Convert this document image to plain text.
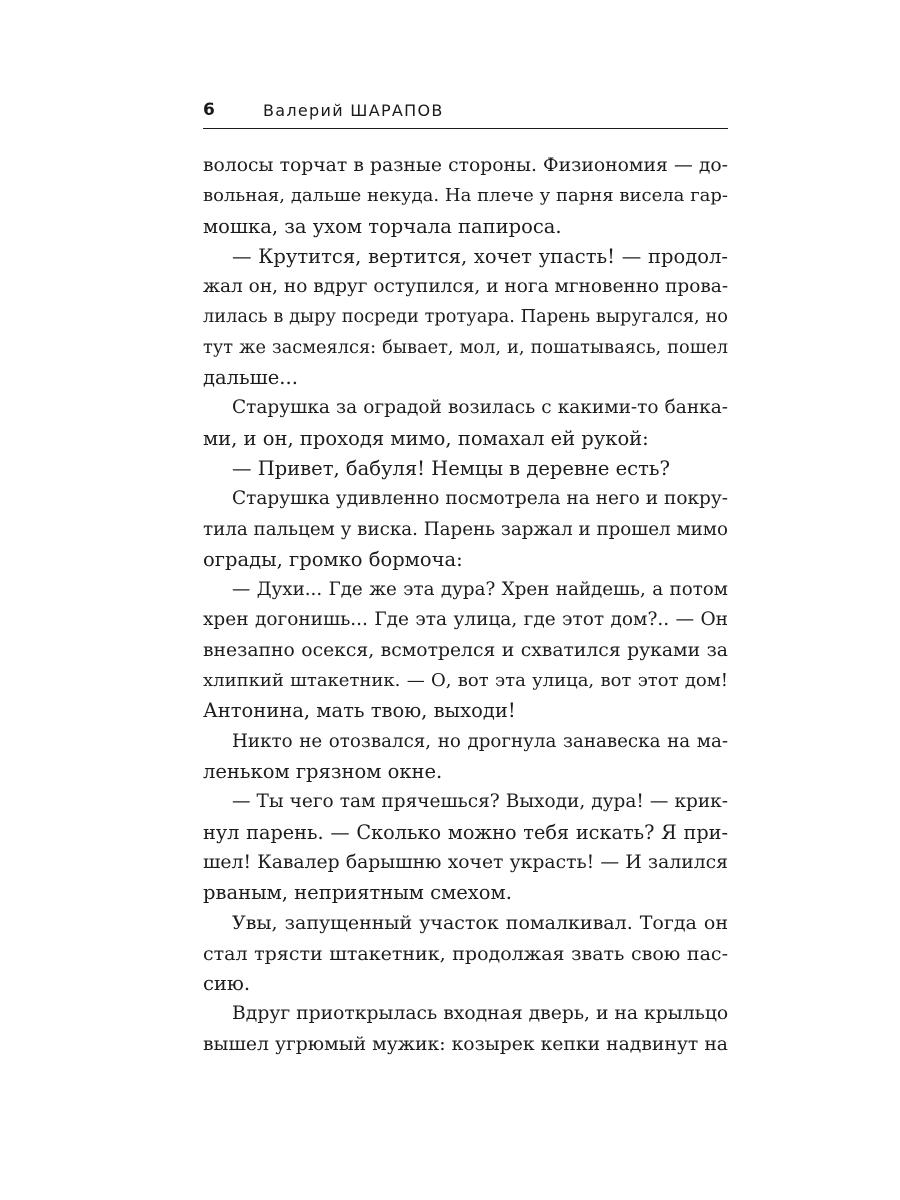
6	Валерий ШАРАПОВ
волосы торчат в разные стороны. Физиономия — до-
вольная, дальше некуда. На плече у парня висела гар-
мошка, за ухом торчала папироса.
— Крутится, вертится, хочет упасть! — продол-
жал он, но вдруг оступился, и нога мгновенно прова-
лилась в дыру посреди тротуара. Парень выругался, но
тут же засмеялся: бывает, мол, и, пошатываясь, пошел
дальше...
Старушка за оградой возилась с какими-то банка-
ми, и он, проходя мимо, помахал ей рукой:
— Привет, бабуля! Немцы в деревне есть?
Старушка удивленно посмотрела на него и покру-
тила пальцем у виска. Парень заржал и прошел мимо
ограды, громко бормоча:
— Духи... Где же эта дура? Хрен найдешь, а потом
хрен догонишь... Где эта улица, где этот дом?.. — Он
внезапно осекся, всмотрелся и схватился руками за
хлипкий штакетник. — О, вот эта улица, вот этот дом!
Антонина, мать твою, выходи!
Никто не отозвался, но дрогнула занавеска на ма-
леньком грязном окне.
— Ты чего там прячешься? Выходи, дура! — крик-
нул парень. — Сколько можно тебя искать? Я при-
шел! Кавалер барышню хочет украсть! — И залился
рваным, неприятным смехом.
Увы, запущенный участок помалкивал. Тогда он
стал трясти штакетник, продолжая звать свою пас-
сию.
Вдруг приоткрылась входная дверь, и на крыльцо
вышел угрюмый мужик: козырек кепки надвинут на
